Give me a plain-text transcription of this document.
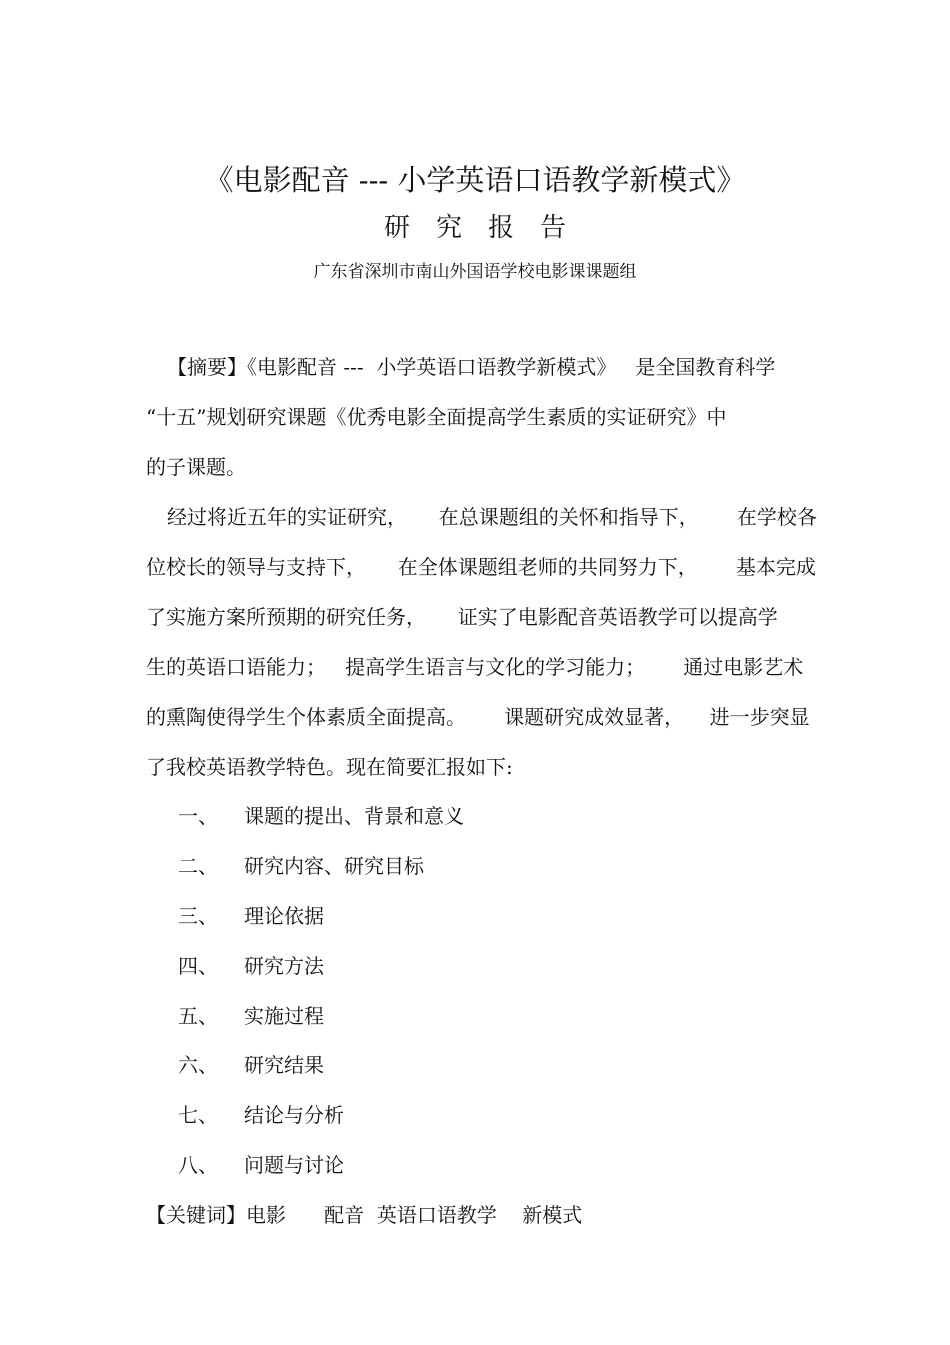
《电影配音 --- 小学英语口语教学新模式》
研究报告
广东省深圳市南山外国语学校电影课课题组
【摘要】《电影配音 ---  小学英语口语教学新模式》   是全国教育科学
“十五”规划研究课题《优秀电影全面提高学生素质的实证研究》中
的子课题。
经过将近五年的实证研究，     在总课题组的关怀和指导下，      在学校各
位校长的领导与支持下，     在全体课题组老师的共同努力下，      基本完成
了实施方案所预期的研究任务，     证实了电影配音英语教学可以提高学
生的英语口语能力；   提高学生语言与文化的学习能力；      通过电影艺术
的熏陶使得学生个体素质全面提高。      课题研究成效显著，    进一步突显
了我校英语教学特色。现在简要汇报如下:
一、 课题的提出、背景和意义
二、 研究内容、研究目标
三、 理论依据
四、 研究方法
五、 实施过程
六、 研究结果
七、 结论与分析
八、 问题与讨论
【关键词】电影      配音  英语口语教学    新模式
